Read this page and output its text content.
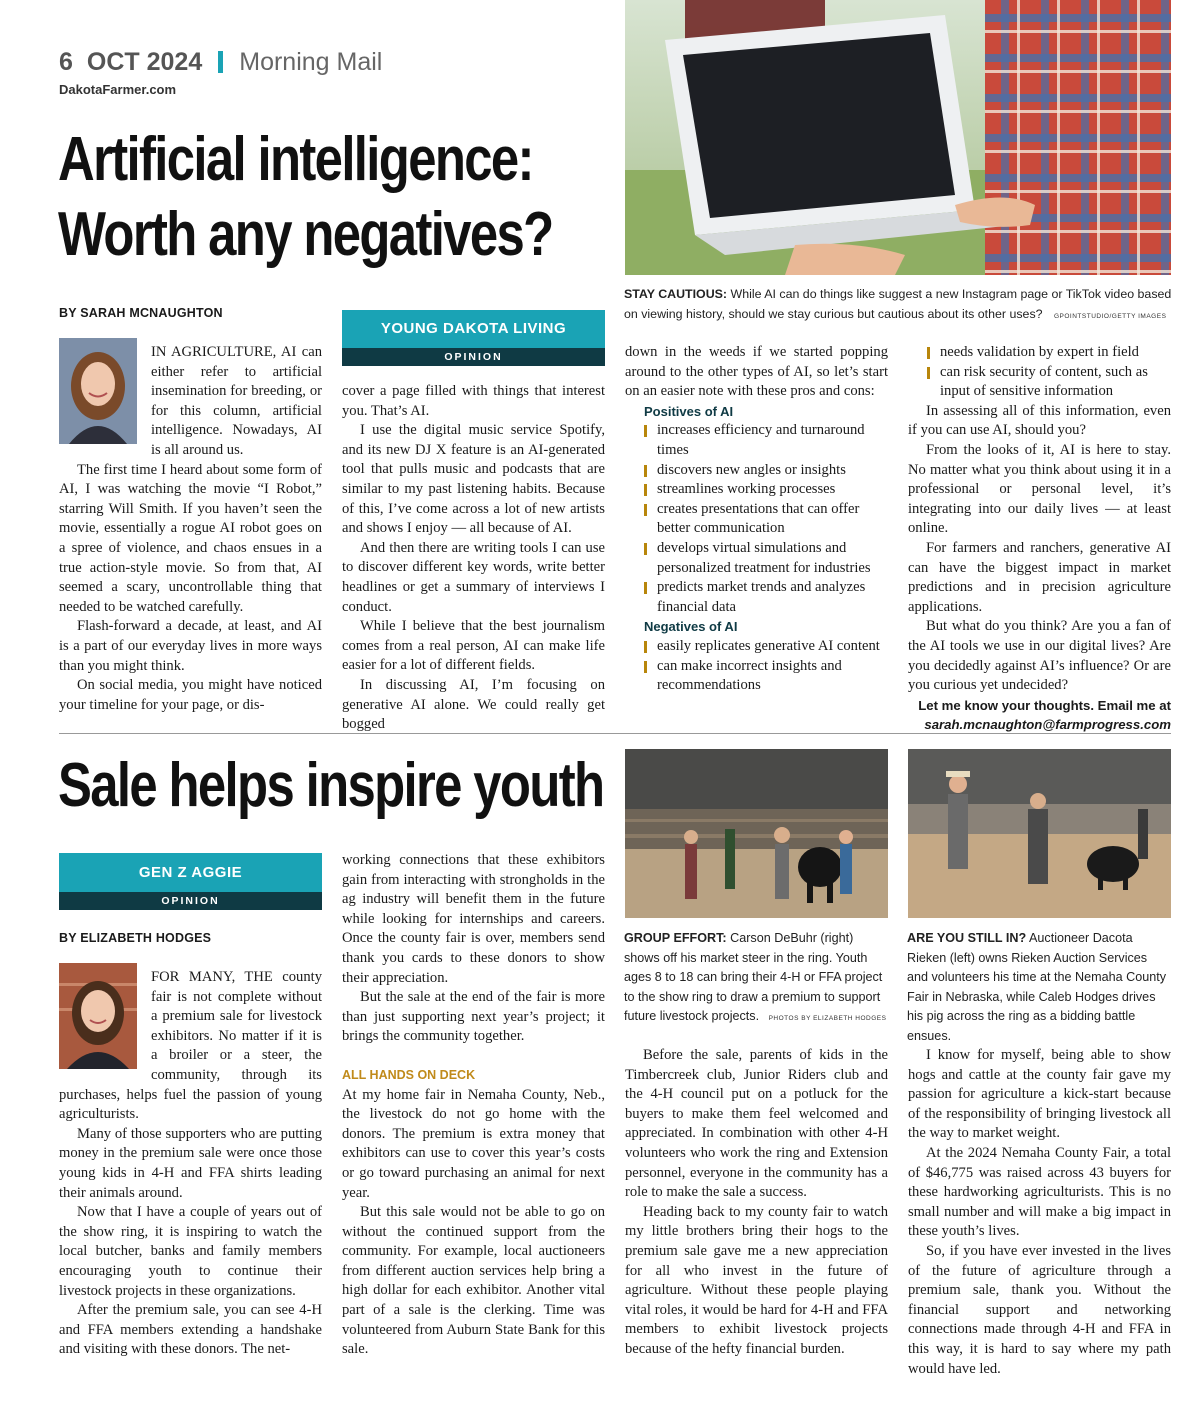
6 OCT 2024 Morning Mail
DakotaFarmer.com
Artificial intelligence:
Worth any negatives?
STAY CAUTIOUS: While AI can do things like suggest a new Instagram page or TikTok video based on viewing history, should we stay curious but cautious about its other uses? GPOINTSTUDIO/GETTY IMAGES
BY SARAH MCNAUGHTON
YOUNG DAKOTA LIVING
OPINION

IN AGRICULTURE, AI can either refer to artificial insemination for breeding, or for this column, artificial intelligence. Nowadays, AI is all around us.

The first time I heard about some form of AI, I was watching the movie “I Robot,” starring Will Smith. If you haven’t seen the movie, essentially a rogue AI robot goes on a spree of violence, and chaos ensues in a true action-style movie. So from that, AI seemed a scary, uncontrollable thing that needed to be watched carefully.

Flash-forward a decade, at least, and AI is a part of our everyday lives in more ways than you might think.

On social media, you might have noticed your timeline for your page, or dis-

cover a page filled with things that interest you. That’s AI.

I use the digital music service Spotify, and its new DJ X feature is an AI-generated tool that pulls music and podcasts that are similar to my past listening habits. Because of this, I’ve come across a lot of new artists and shows I enjoy — all because of AI.

And then there are writing tools I can use to discover different key words, write better headlines or get a summary of interviews I conduct.

While I believe that the best journalism comes from a real person, AI can make life easier for a lot of different fields.

In discussing AI, I’m focusing on generative AI alone. We could really get bogged

down in the weeds if we started popping around to the other types of AI, so let’s start on an easier note with these pros and cons:

Positives of AI
increases efficiency and turnaround times
discovers new angles or insights
streamlines working processes
creates presentations that can offer better communication
develops virtual simulations and personalized treatment for industries
predicts market trends and analyzes financial data
Negatives of AI
easily replicates generative AI content
can make incorrect insights and recommendations
needs validation by expert in field
can risk security of content, such as input of sensitive information

In assessing all of this information, even if you can use AI, should you?

From the looks of it, AI is here to stay. No matter what you think about using it in a professional or personal level, it’s integrating into our daily lives — at least online.

For farmers and ranchers, generative AI can have the biggest impact in market predictions and in precision agriculture applications.

But what do you think? Are you a fan of the AI tools we use in our digital lives? Are you decidedly against AI’s influence? Or are you curious yet undecided?

Let me know your thoughts. Email me at
sarah.mcnaughton@farmprogress.com

Sale helps inspire youth
GROUP EFFORT: Carson DeBuhr (right) shows off his market steer in the ring. Youth ages 8 to 18 can bring their 4-H or FFA project to the show ring to draw a premium to support future livestock projects. PHOTOS BY ELIZABETH HODGES
ARE YOU STILL IN? Auctioneer Dacota Rieken (left) owns Rieken Auction Services and volunteers his time at the Nemaha County Fair in Nebraska, while Caleb Hodges drives his pig across the ring as a bidding battle ensues.
GEN Z AGGIE
OPINION
BY ELIZABETH HODGES

FOR MANY, THE county fair is not complete without a premium sale for livestock exhibitors. No matter if it is a broiler or a steer, the community, through its purchases, helps fuel the passion of young agriculturists.

Many of those supporters who are putting money in the premium sale were once those young kids in 4-H and FFA shirts leading their animals around.

Now that I have a couple of years out of the show ring, it is inspiring to watch the local butcher, banks and family members encouraging youth to continue their livestock projects in these organizations.

After the premium sale, you can see 4-H and FFA members extending a handshake and visiting with these donors. The net-

working connections that these exhibitors gain from interacting with strongholds in the ag industry will benefit them in the future while looking for internships and careers. Once the county fair is over, members send thank you cards to these donors to show their appreciation.

But the sale at the end of the fair is more than just supporting next year’s project; it brings the community together.

ALL HANDS ON DECK

At my home fair in Nemaha County, Neb., the livestock do not go home with the donors. The premium is extra money that exhibitors can use to cover this year’s costs or go toward purchasing an animal for next year.

But this sale would not be able to go on without the continued support from the community. For example, local auctioneers from different auction services help bring a high dollar for each exhibitor. Another vital part of a sale is the clerking. Time was volunteered from Auburn State Bank for this sale.

Before the sale, parents of kids in the Timbercreek club, Junior Riders club and the 4-H council put on a potluck for the buyers to make them feel welcomed and appreciated. In combination with other 4-H volunteers who work the ring and Extension personnel, everyone in the community has a role to make the sale a success.

Heading back to my county fair to watch my little brothers bring their hogs to the premium sale gave me a new appreciation for all who invest in the future of agriculture. Without these people playing vital roles, it would be hard for 4-H and FFA members to exhibit livestock projects because of the hefty financial burden.

I know for myself, being able to show hogs and cattle at the county fair gave my passion for agriculture a kick-start because of the responsibility of bringing livestock all the way to market weight.

At the 2024 Nemaha County Fair, a total of $46,775 was raised across 43 buyers for these hardworking agriculturists. This is no small number and will make a big impact in these youth’s lives.

So, if you have ever invested in the lives of the future of agriculture through a premium sale, thank you. Without the financial support and networking connections made through 4-H and FFA in this way, it is hard to say where my path would have led.
